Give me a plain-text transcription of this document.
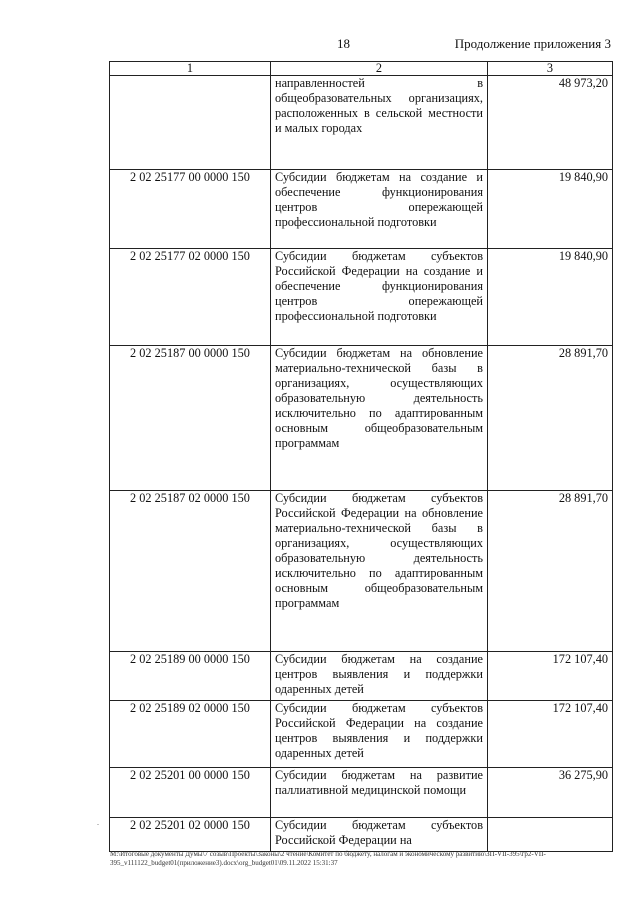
18	Продолжение приложения 3
1	2	3
	направленностей в общеобразовательных организациях, расположенных в сельской местности и малых городах	48 973,20
2 02 25177 00 0000 150	Субсидии бюджетам на создание и обеспечение функционирования центров опережающей профессиональной подготовки	19 840,90
2 02 25177 02 0000 150	Субсидии бюджетам субъектов Российской Федерации на создание и обеспечение функционирования центров опережающей профессиональной подготовки	19 840,90
2 02 25187 00 0000 150	Субсидии бюджетам на обновление материально-технической базы в организациях, осуществляющих образовательную деятельность исключительно по адаптированным основным общеобразовательным программам	28 891,70
2 02 25187 02 0000 150	Субсидии бюджетам субъектов Российской Федерации на обновление материально-технической базы в организациях, осуществляющих образовательную деятельность исключительно по адаптированным основным общеобразовательным программам	28 891,70
2 02 25189 00 0000 150	Субсидии бюджетам на создание центров выявления и поддержки одаренных детей	172 107,40
2 02 25189 02 0000 150	Субсидии бюджетам субъектов Российской Федерации на создание центров выявления и поддержки одаренных детей	172 107,40
2 02 25201 00 0000 150	Субсидии бюджетам на развитие паллиативной медицинской помощи	36 275,90
2 02 25201 02 0000 150	Субсидии бюджетам субъектов Российской Федерации на	
.
М:\Итоговые документы Думы\7 созыв\Проекты\Законы\2 чтение\Комитет по бюджету, налогам и экономическому развитию\ЗП-VII-395\гр2-VII-395_v111122_budget01(приложение3).docx\org_budget01\09.11.2022 15:31:37
